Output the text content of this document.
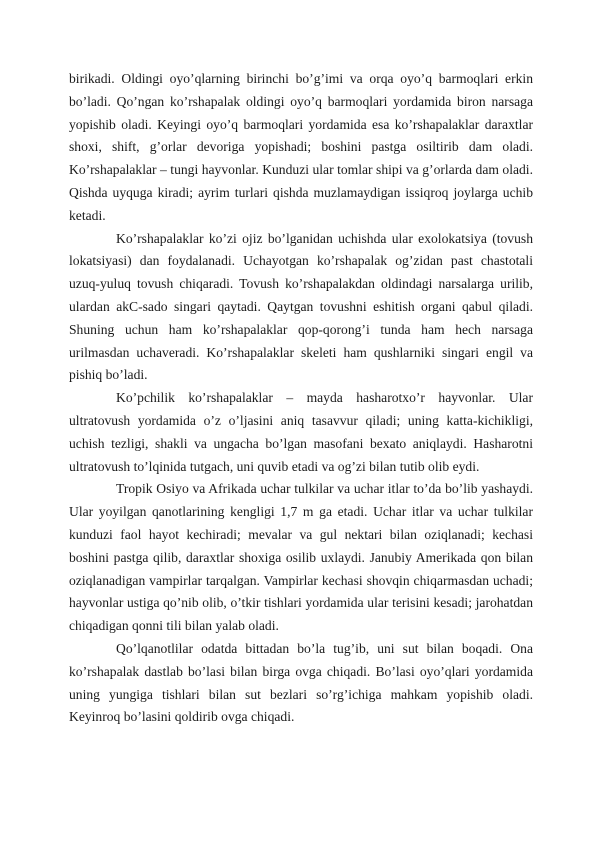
birikadi. Oldingi oyo’qlarning birinchi bo’g’imi va orqa oyo’q barmoqlari erkin bo’ladi. Qo’ngan ko’rshapalak oldingi oyo’q barmoqlari yordamida biron narsaga yopishib oladi. Keyingi oyo’q barmoqlari yordamida esa ko’rshapalaklar daraxtlar shoxi, shift, g’orlar devoriga yopishadi; boshini pastga osiltirib dam oladi. Ko’rshapalaklar – tungi hayvonlar. Kunduzi ular tomlar shipi va g’orlarda dam oladi. Qishda uyquga kiradi; ayrim turlari qishda muzlamaydigan issiqroq joylarga uchib ketadi.

Ko’rshapalaklar ko’zi ojiz bo’lganidan uchishda ular exolokatsiya (tovush lokatsiyasi) dan foydalanadi. Uchayotgan ko’rshapalak og’zidan past chastotali uzuq-yuluq tovush chiqaradi. Tovush ko’rshapalakdan oldindagi narsalarga urilib, ulardan akC-sado singari qaytadi. Qaytgan tovushni eshitish organi qabul qiladi. Shuning uchun ham ko’rshapalaklar qop-qorong’i tunda ham hech narsaga urilmasdan uchaveradi. Ko’rshapalaklar skeleti ham qushlarniki singari engil va pishiq bo’ladi.

Ko’pchilik ko’rshapalaklar – mayda hasharotxo’r hayvonlar. Ular ultratovush yordamida o’z o’ljasini aniq tasavvur qiladi; uning katta-kichikligi, uchish tezligi, shakli va ungacha bo’lgan masofani bexato aniqlaydi. Hasharotni ultratovush to’lqinida tutgach, uni quvib etadi va og’zi bilan tutib olib eydi.

Tropik Osiyo va Afrikada uchar tulkilar va uchar itlar to’da bo’lib yashaydi. Ular yoyilgan qanotlarining kengligi 1,7 m ga etadi. Uchar itlar va uchar tulkilar kunduzi faol hayot kechiradi; mevalar va gul nektari bilan oziqlanadi; kechasi boshini pastga qilib, daraxtlar shoxiga osilib uxlaydi. Janubiy Amerikada qon bilan oziqlanadigan vampirlar tarqalgan. Vampirlar kechasi shovqin chiqarmasdan uchadi; hayvonlar ustiga qo’nib olib, o’tkir tishlari yordamida ular terisini kesadi; jarohatdan chiqadigan qonni tili bilan yalab oladi.

Qo’lqanotlilar odatda bittadan bo’la tug’ib, uni sut bilan boqadi. Ona ko’rshapalak dastlab bo’lasi bilan birga ovga chiqadi. Bo’lasi oyo’qlari yordamida uning yungiga tishlari bilan sut bezlari so’rg’ichiga mahkam yopishib oladi. Keyinroq bo’lasini qoldirib ovga chiqadi.
